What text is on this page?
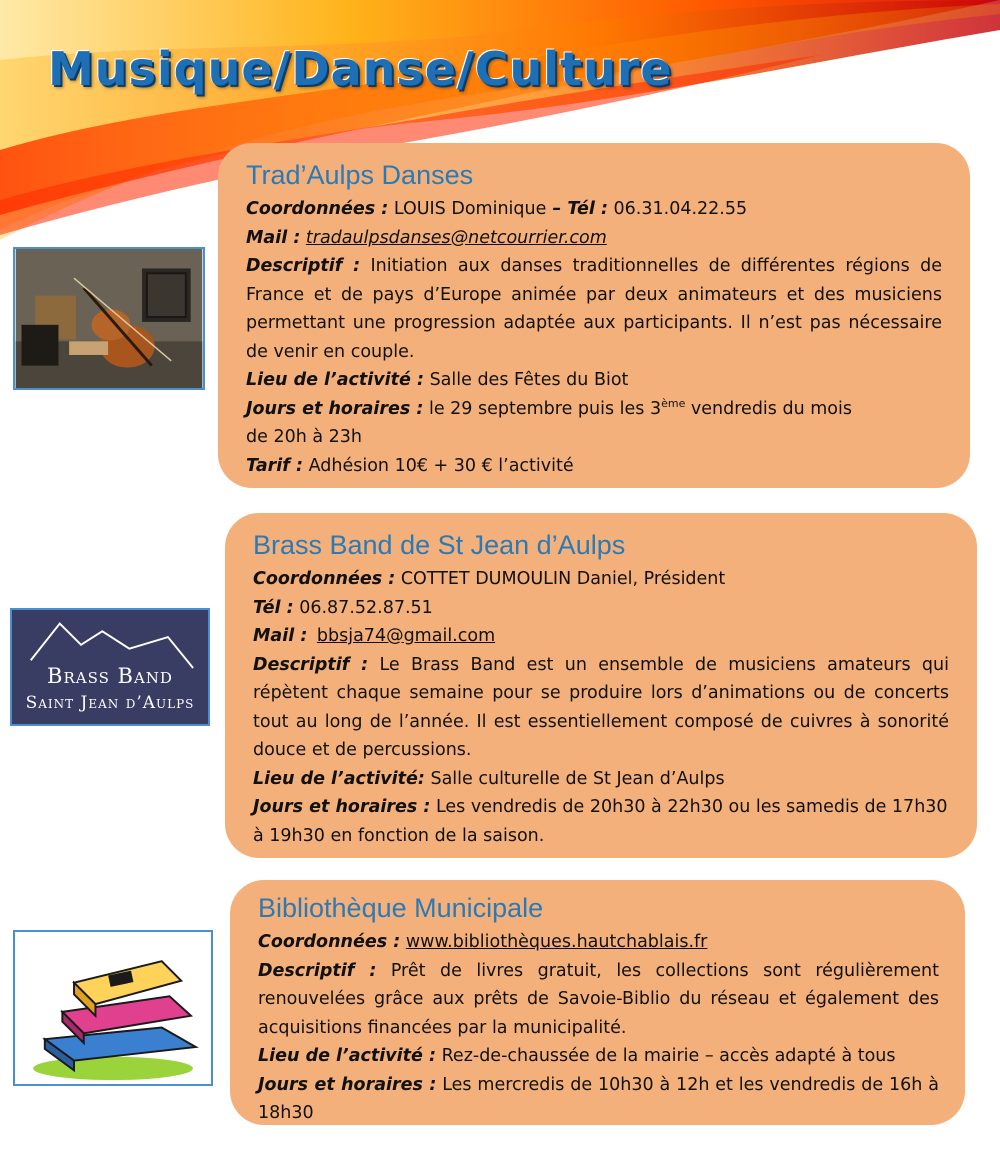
Musique/Danse/Culture
Trad’Aulps Danses

Coordonnées : LOUIS Dominique – Tél : 06.31.04.22.55

Mail : tradaulpsdanses@netcourrier.com

Descriptif : Initiation aux danses traditionnelles de différentes régions de France et de pays d’Europe animée par deux animateurs et des musiciens permettant une progression adaptée aux participants. Il n’est pas nécessaire de venir en couple.

Lieu de l’activité : Salle des Fêtes du Biot

Jours et horaires : le 29 septembre puis les 3ème vendredis du mois
de 20h à 23h

Tarif : Adhésion 10€ + 30 € l’activité

Brass Band
Saint Jean d’Aulps
Brass Band de St Jean d’Aulps

Coordonnées : COTTET DUMOULIN Daniel, Président

Tél : 06.87.52.87.51

Mail : bbsja74@gmail.com

Descriptif : Le Brass Band est un ensemble de musiciens amateurs qui répètent chaque semaine pour se produire lors d’animations ou de concerts tout au long de l’année. Il est essentiellement composé de cuivres à sonorité douce et de percussions.

Lieu de l’activité: Salle culturelle de St Jean d’Aulps

Jours et horaires : Les vendredis de 20h30 à 22h30 ou les samedis de 17h30 à 19h30 en fonction de la saison.

Bibliothèque Municipale

Coordonnées : www.bibliothèques.hautchablais.fr

Descriptif : Prêt de livres gratuit, les collections sont régulièrement renouvelées grâce aux prêts de Savoie-Biblio du réseau et également des acquisitions financées par la municipalité.

Lieu de l’activité : Rez-de-chaussée de la mairie – accès adapté à tous

Jours et horaires : Les mercredis de 10h30 à 12h et les vendredis de 16h à 18h30
